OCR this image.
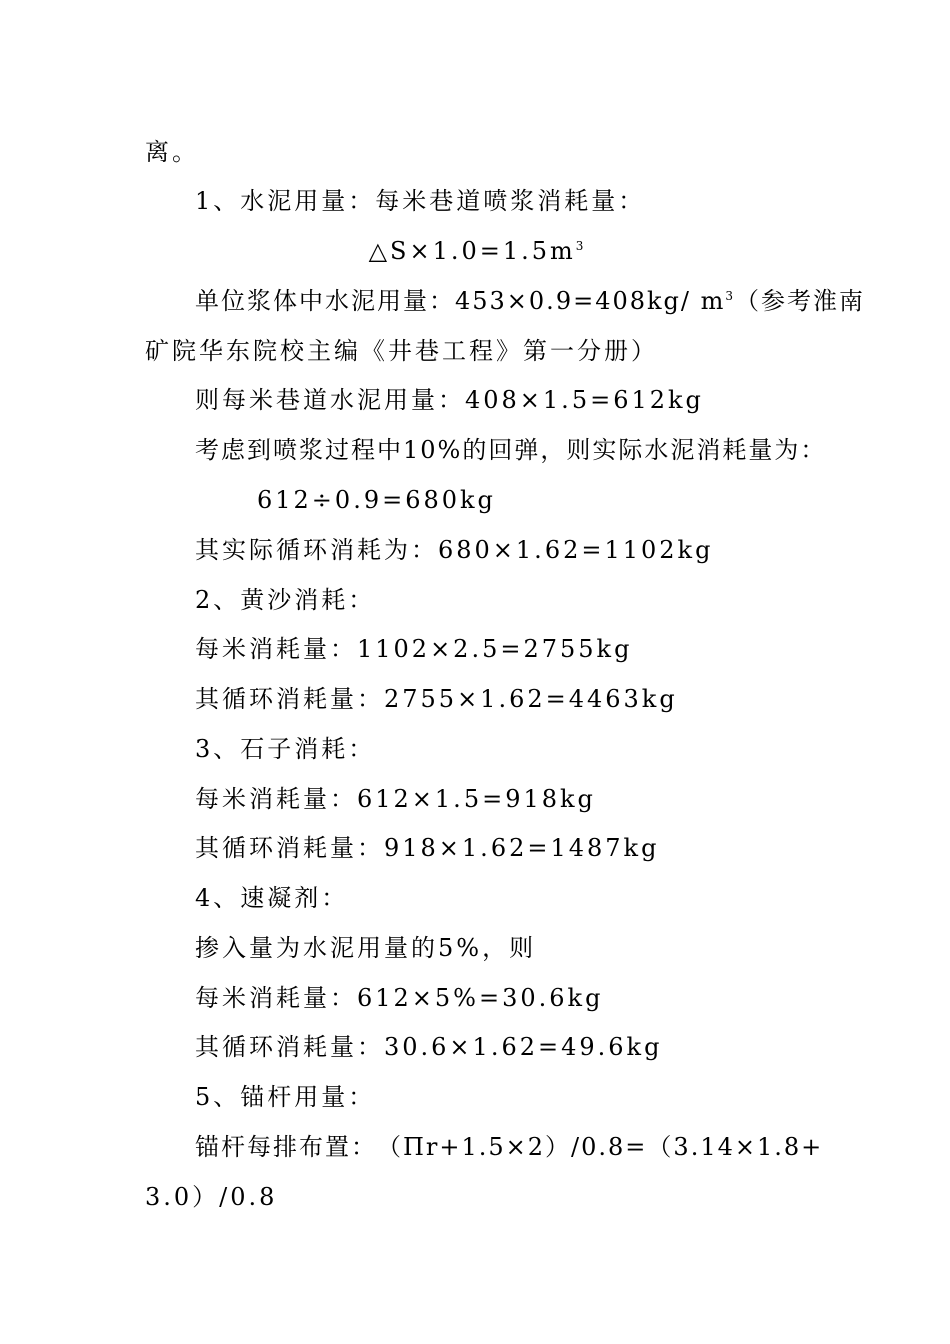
离。
1、水泥用量：每米巷道喷浆消耗量：
$\triangle S\times 1.0=1.5m^3$
单位浆体中水泥用量：453×0.9=408kg/ $m^3$（参考淮南
矿院华东院校主编《井巷工程》第一分册）
则每米巷道水泥用量：408×1.5=612kg
考虑到喷浆过程中10%的回弹，则实际水泥消耗量为：
612÷0.9=680kg
其实际循环消耗为：680×1.62=1102kg
2、黄沙消耗：
每米消耗量：1102×2.5=2755kg
其循环消耗量：2755×1.62=4463kg
3、石子消耗：
每米消耗量：612×1.5=918kg
其循环消耗量：918×1.62=1487kg
4、速凝剂：
掺入量为水泥用量的5%，则
每米消耗量：612×5%=30.6kg
其循环消耗量：30.6×1.62=49.6kg
5、锚杆用量：
锚杆每排布置： （Πr+1.5×2）/0.8=（3.14×1.8+
3.0）/0.8
